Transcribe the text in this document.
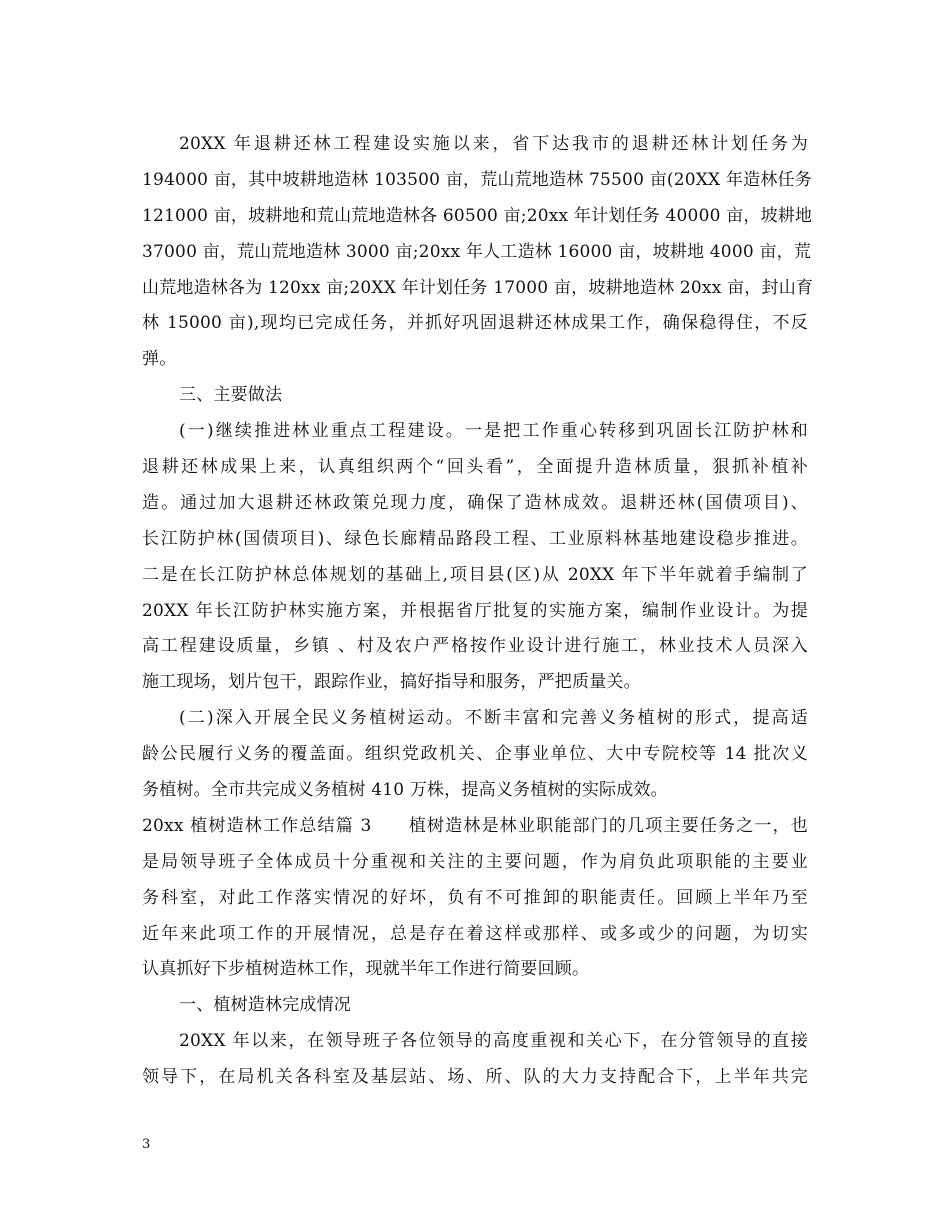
20XX 年退耕还林工程建设实施以来，省下达我市的退耕还林计划任务为
194000 亩，其中坡耕地造林 103500 亩，荒山荒地造林 75500 亩(20XX 年造林任务
121000 亩，坡耕地和荒山荒地造林各 60500 亩;20xx 年计划任务 40000 亩，坡耕地
37000 亩，荒山荒地造林 3000 亩;20xx 年人工造林 16000 亩，坡耕地 4000 亩，荒
山荒地造林各为 120xx 亩;20XX 年计划任务 17000 亩，坡耕地造林 20xx 亩，封山育
林 15000 亩),现均已完成任务，并抓好巩固退耕还林成果工作，确保稳得住，不反
弹。
三、主要做法
(一)继续推进林业重点工程建设。一是把工作重心转移到巩固长江防护林和
退耕还林成果上来，认真组织两个“回头看”，全面提升造林质量，狠抓补植补
造。通过加大退耕还林政策兑现力度，确保了造林成效。退耕还林(国债项目)、
长江防护林(国债项目)、绿色长廊精品路段工程、工业原料林基地建设稳步推进。
二是在长江防护林总体规划的基础上,项目县(区)从 20XX 年下半年就着手编制了
20XX 年长江防护林实施方案，并根据省厅批复的实施方案，编制作业设计。为提
高工程建设质量，乡镇 、村及农户严格按作业设计进行施工，林业技术人员深入
施工现场，划片包干，跟踪作业，搞好指导和服务，严把质量关。
(二)深入开展全民义务植树运动。不断丰富和完善义务植树的形式，提高适
龄公民履行义务的覆盖面。组织党政机关、企事业单位、大中专院校等 14 批次义
务植树。全市共完成义务植树 410 万株，提高义务植树的实际成效。
20xx 植树造林工作总结篇 3　　植树造林是林业职能部门的几项主要任务之一，也
是局领导班子全体成员十分重视和关注的主要问题，作为肩负此项职能的主要业
务科室，对此工作落实情况的好坏，负有不可推卸的职能责任。回顾上半年乃至
近年来此项工作的开展情况，总是存在着这样或那样、或多或少的问题，为切实
认真抓好下步植树造林工作，现就半年工作进行简要回顾。
一、植树造林完成情况
20XX 年以来，在领导班子各位领导的高度重视和关心下，在分管领导的直接
领导下，在局机关各科室及基层站、场、所、队的大力支持配合下，上半年共完
3
